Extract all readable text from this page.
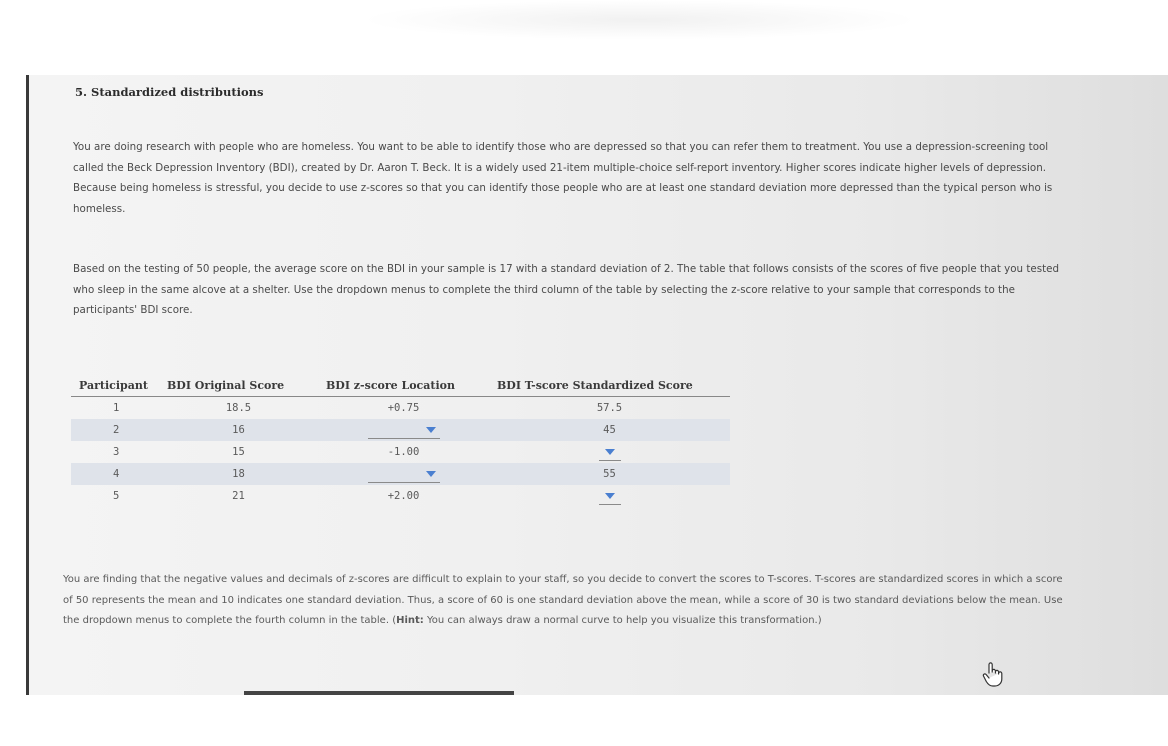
5. Standardized distributions
You are doing research with people who are homeless. You want to be able to identify those who are depressed so that you can refer them to treatment. You use a depression-screening tool called the Beck Depression Inventory (BDI), created by Dr. Aaron T. Beck. It is a widely used 21-item multiple-choice self-report inventory. Higher scores indicate higher levels of depression. Because being homeless is stressful, you decide to use z-scores so that you can identify those people who are at least one standard deviation more depressed than the typical person who is homeless.
Based on the testing of 50 people, the average score on the BDI in your sample is 17 with a standard deviation of 2. The table that follows consists of the scores of five people that you tested who sleep in the same alcove at a shelter. Use the dropdown menus to complete the third column of the table by selecting the z-score relative to your sample that corresponds to the participants' BDI score.
Participant	BDI Original Score	BDI z-score Location	BDI T-score Standardized Score
1	18.5	+0.75	57.5
2	16		45
3	15	-1.00	

4	18		55
5	21	+2.00	
You are finding that the negative values and decimals of z-scores are difficult to explain to your staff, so you decide to convert the scores to T-scores. T-scores are standardized scores in which a score of 50 represents the mean and 10 indicates one standard deviation. Thus, a score of 60 is one standard deviation above the mean, while a score of 30 is two standard deviations below the mean. Use the dropdown menus to complete the fourth column in the table. (Hint: You can always draw a normal curve to help you visualize this transformation.)
